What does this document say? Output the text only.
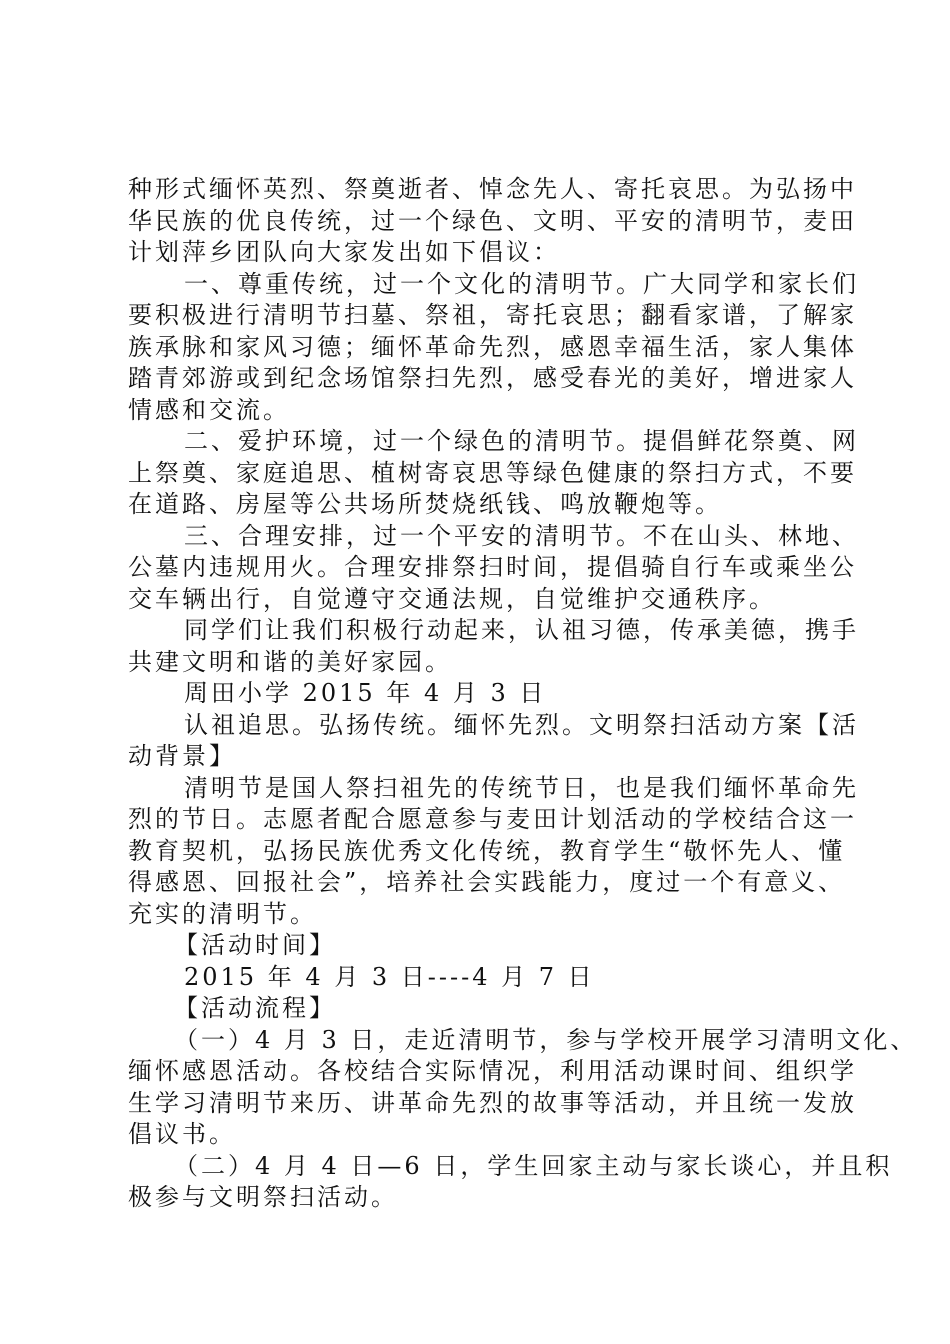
种形式缅怀英烈、祭奠逝者、悼念先人、寄托哀思。为弘扬中
华民族的优良传统，过一个绿色、文明、平安的清明节，麦田
计划萍乡团队向大家发出如下倡议：
一、尊重传统，过一个文化的清明节。广大同学和家长们
要积极进行清明节扫墓、祭祖，寄托哀思；翻看家谱，了解家
族承脉和家风习德；缅怀革命先烈，感恩幸福生活，家人集体
踏青郊游或到纪念场馆祭扫先烈，感受春光的美好，增进家人
情感和交流。
二、爱护环境，过一个绿色的清明节。提倡鲜花祭奠、网
上祭奠、家庭追思、植树寄哀思等绿色健康的祭扫方式，不要
在道路、房屋等公共场所焚烧纸钱、鸣放鞭炮等。
三、合理安排，过一个平安的清明节。不在山头、林地、
公墓内违规用火。合理安排祭扫时间，提倡骑自行车或乘坐公
交车辆出行，自觉遵守交通法规，自觉维护交通秩序。
同学们让我们积极行动起来，认祖习德，传承美德，携手
共建文明和谐的美好家园。
周田小学 2015 年 4 月 3 日
认祖追思。弘扬传统。缅怀先烈。文明祭扫活动方案【活
动背景】
清明节是国人祭扫祖先的传统节日，也是我们缅怀革命先
烈的节日。志愿者配合愿意参与麦田计划活动的学校结合这一
教育契机，弘扬民族优秀文化传统，教育学生“敬怀先人、懂
得感恩、回报社会”，培养社会实践能力，度过一个有意义、
充实的清明节。
【活动时间】
2015 年 4 月 3 日----4 月 7 日
【活动流程】
（一）4 月 3 日，走近清明节，参与学校开展学习清明文化、
缅怀感恩活动。各校结合实际情况，利用活动课时间、组织学
生学习清明节来历、讲革命先烈的故事等活动，并且统一发放
倡议书。
（二）4 月 4 日—6 日，学生回家主动与家长谈心，并且积
极参与文明祭扫活动。
